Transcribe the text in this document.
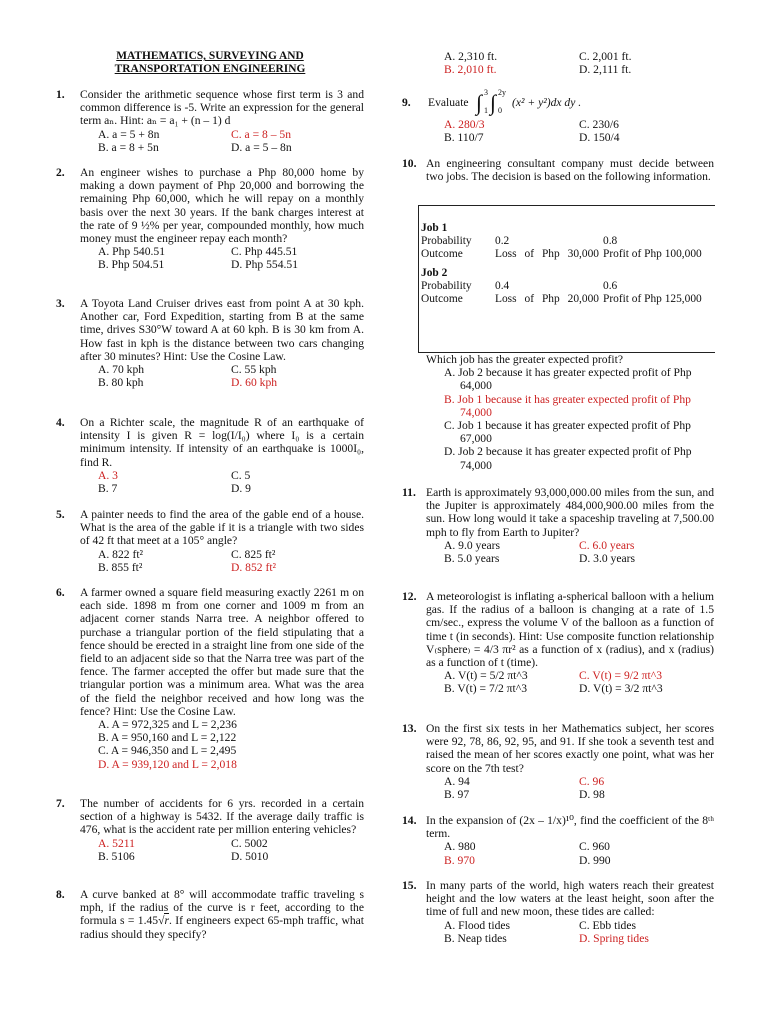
MATHEMATICS, SURVEYING AND
TRANSPORTATION ENGINEERING
1. Consider the arithmetic sequence whose first term is 3 and common difference is -5. Write an expression for the general term aₙ. Hint: aₙ = a₁ + (n – 1) d
A. a = 5 + 8n	C. a = 8 – 5n
B. a = 8 + 5n	D. a = 5 – 8n
2. An engineer wishes to purchase a Php 80,000 home by making a down payment of Php 20,000 and borrowing the remaining Php 60,000, which he will repay on a monthly basis over the next 30 years. If the bank charges interest at the rate of 9 ½% per year, compounded monthly, how much money must the engineer repay each month?
A. Php 540.51	C. Php 445.51
B. Php 504.51	D. Php 554.51
3. A Toyota Land Cruiser drives east from point A at 30 kph. Another car, Ford Expedition, starting from B at the same time, drives S30°W toward A at 60 kph. B is 30 km from A. How fast in kph is the distance between two cars changing after 30 minutes? Hint: Use the Cosine Law.
A. 70 kph	C. 55 kph
B. 80 kph	D. 60 kph
4. On a Richter scale, the magnitude R of an earthquake of intensity I is given R = log(I/I₀) where I₀ is a certain minimum intensity. If intensity of an earthquake is 1000I₀, find R.
A. 3	C. 5
B. 7	D. 9
5. A painter needs to find the area of the gable end of a house. What is the area of the gable if it is a triangle with two sides of 42 ft that meet at a 105° angle?
A. 822 ft²	C. 825 ft²
B. 855 ft²	D. 852 ft²
6. A farmer owned a square field measuring exactly 2261 m on each side. 1898 m from one corner and 1009 m from an adjacent corner stands Narra tree. A neighbor offered to purchase a triangular portion of the field stipulating that a fence should be erected in a straight line from one side of the field to an adjacent side so that the Narra tree was part of the fence. The farmer accepted the offer but made sure that the triangular portion was a minimum area. What was the area of the field the neighbor received and how long was the fence? Hint: Use the Cosine Law.
A. A = 972,325 and L = 2,236
B. A = 950,160 and L = 2,122
C. A = 946,350 and L = 2,495
D. A = 939,120 and L = 2,018
7. The number of accidents for 6 yrs. recorded in a certain section of a highway is 5432. If the average daily traffic is 476, what is the accident rate per million entering vehicles?
A. 5211	C. 5002
B. 5106	D. 5010
8. A curve banked at 8° will accommodate traffic traveling s mph, if the radius of the curve is r feet, according to the formula s = 1.45√r. If engineers expect 65-mph traffic, what radius should they specify?
A. 2,310 ft.	C. 2,001 ft.
B. 2,010 ft.	D. 2,111 ft.
9. Evaluate ∫ 3
1 ∫ 2y
0
(x² + y²)dx dy .
A. 280/3	C. 230/6
B. 110/7	D. 150/4
10. An engineering consultant company must decide between two jobs. The decision is based on the following information.
Job 1		
Probability	0.2	0.8
Outcome	Loss of Php 30,000	Profit of Php 100,000

Job 2		
Probability	0.4	0.6
Outcome	Loss of Php 20,000	Profit of Php 125,000
Which job has the greater expected profit?
A. Job 2 because it has greater expected profit of Php 64,000
B. Job 1 because it has greater expected profit of Php 74,000
C. Job 1 because it has greater expected profit of Php 67,000
D. Job 2 because it has greater expected profit of Php 74,000
11. Earth is approximately 93,000,000.00 miles from the sun, and the Jupiter is approximately 484,000,900.00 miles from the sun. How long would it take a spaceship traveling at 7,500.00 mph to fly from Earth to Jupiter?
A. 9.0 years	C. 6.0 years
B. 5.0 years	D. 3.0 years
12. A meteorologist is inflating a-spherical balloon with a helium gas. If the radius of a balloon is changing at a rate of 1.5 cm/sec., express the volume V of the balloon as a function of time t (in seconds). Hint: Use composite function relationship V₍sphere₎ = 4/3 πr² as a function of x (radius), and x (radius) as a function of t (time).
A. V(t) = 5/2 πt^3	C. V(t) = 9/2 πt^3
B. V(t) = 7/2 πt^3	D. V(t) = 3/2 πt^3
13. On the first six tests in her Mathematics subject, her scores were 92, 78, 86, 92, 95, and 91. If she took a seventh test and raised the mean of her scores exactly one point, what was her score on the 7th test?
A. 94	C. 96
B. 97	D. 98
14. In the expansion of (2x – 1/x)¹⁰, find the coefficient of the 8ᵗʰ term.
A. 980	C. 960
B. 970	D. 990
15. In many parts of the world, high waters reach their greatest height and the low waters at the least height, soon after the time of full and new moon, these tides are called:
A. Flood tides	C. Ebb tides
B. Neap tides	D. Spring tides
